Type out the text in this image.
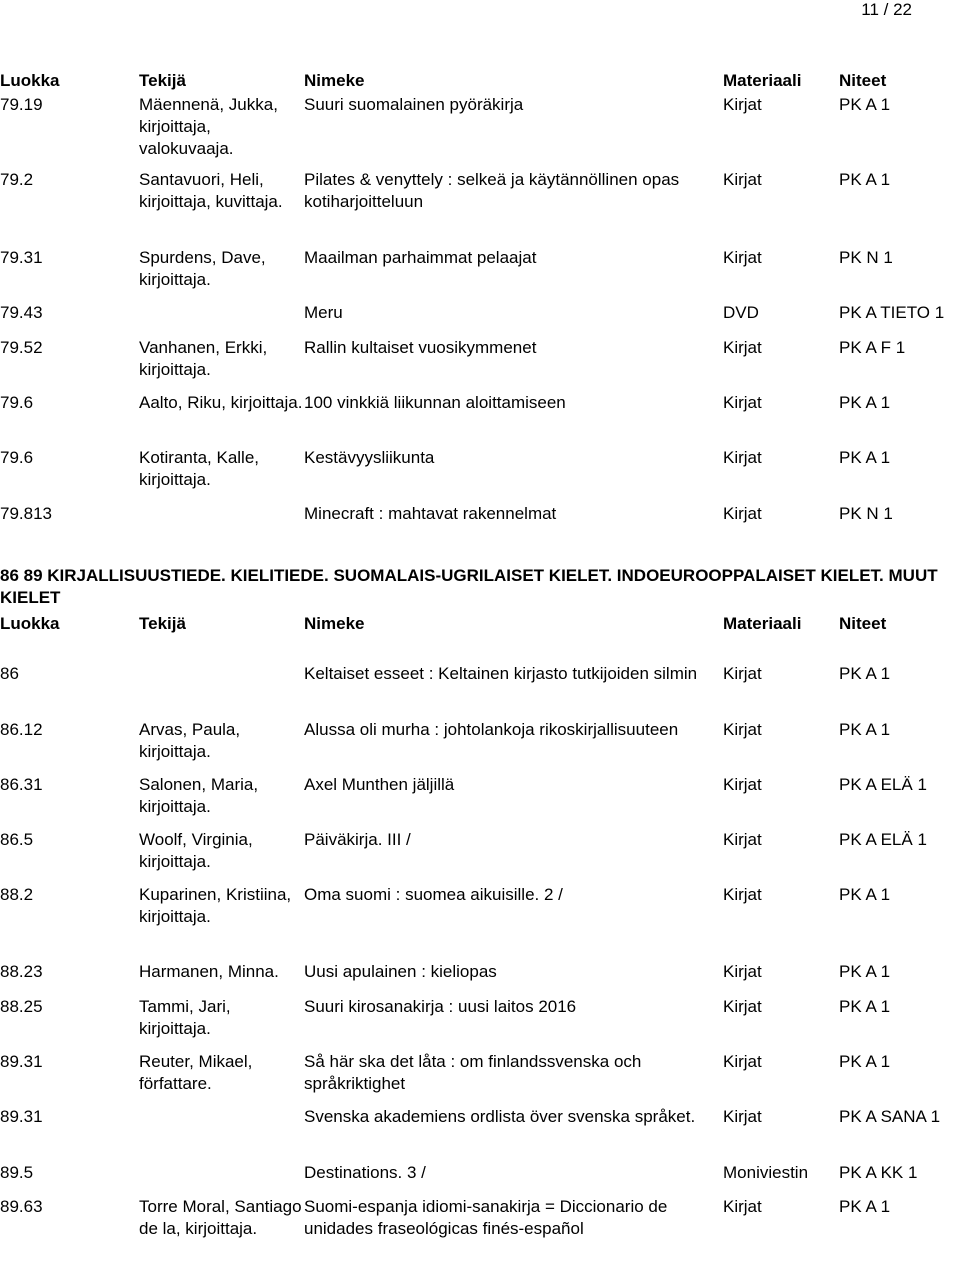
11 / 22
Luokka	Tekijä	Nimeke	Materiaali	Niteet
79.19	Mäennenä, Jukka, kirjoittaja, valokuvaaja.	Suuri suomalainen pyöräkirja	Kirjat	PK A 1
79.2	Santavuori, Heli, kirjoittaja, kuvittaja.	Pilates & venyttely : selkeä ja käytännöllinen opas kotiharjoitteluun	Kirjat	PK A 1
79.31	Spurdens, Dave, kirjoittaja.	Maailman parhaimmat pelaajat	Kirjat	PK N 1
79.43		Meru	DVD	PK A TIETO 1
79.52	Vanhanen, Erkki, kirjoittaja.	Rallin kultaiset vuosikymmenet	Kirjat	PK A F 1
79.6	Aalto, Riku, kirjoittaja.	100 vinkkiä liikunnan aloittamiseen	Kirjat	PK A 1
79.6	Kotiranta, Kalle, kirjoittaja.	Kestävyysliikunta	Kirjat	PK A 1
79.813		Minecraft : mahtavat rakennelmat	Kirjat	PK N 1
86 89 KIRJALLISUUSTIEDE. KIELITIEDE. SUOMALAIS-UGRILAISET KIELET. INDOEUROOPPALAISET KIELET. MUUT KIELET
Luokka	Tekijä	Nimeke	Materiaali	Niteet
86		Keltaiset esseet : Keltainen kirjasto tutkijoiden silmin	Kirjat	PK A 1
86.12	Arvas, Paula, kirjoittaja.	Alussa oli murha : johtolankoja rikoskirjallisuuteen	Kirjat	PK A 1
86.31	Salonen, Maria, kirjoittaja.	Axel Munthen jäljillä	Kirjat	PK A ELÄ 1
86.5	Woolf, Virginia, kirjoittaja.	Päiväkirja. III /	Kirjat	PK A ELÄ 1
88.2	Kuparinen, Kristiina, kirjoittaja.	Oma suomi : suomea aikuisille. 2 /	Kirjat	PK A 1
88.23	Harmanen, Minna.	Uusi apulainen : kieliopas	Kirjat	PK A 1
88.25	Tammi, Jari, kirjoittaja.	Suuri kirosanakirja : uusi laitos 2016	Kirjat	PK A 1
89.31	Reuter, Mikael, författare.	Så här ska det låta : om finlandssvenska och språkriktighet	Kirjat	PK A 1
89.31		Svenska akademiens ordlista över svenska språket.	Kirjat	PK A SANA 1
89.5		Destinations. 3 /	Moniviestin	PK A KK 1
89.63	Torre Moral, Santiago de la, kirjoittaja.	Suomi-espanja idiomi-sanakirja = Diccionario de unidades fraseológicas finés-español	Kirjat	PK A 1
